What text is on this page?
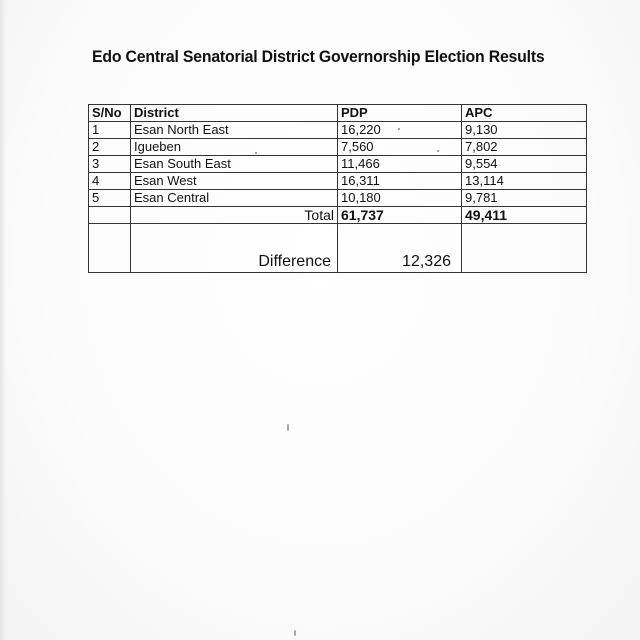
Edo Central Senatorial District Governorship Election Results
S/No	District	PDP	APC
1	Esan North East	16,220	9,130
2	Igueben	7,560	7,802
3	Esan South East	11,466	9,554
4	Esan West	16,311	13,114
5	Esan Central	10,180	9,781
	Total	61,737	49,411
	Difference	12,326	
